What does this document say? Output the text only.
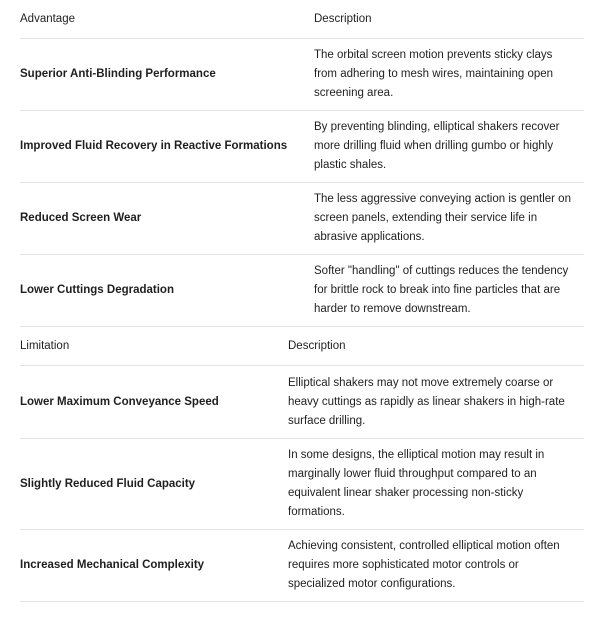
Advantage	Description
Superior Anti-Blinding Performance	The orbital screen motion prevents sticky clays from adhering to mesh wires, maintaining open screening area.
Improved Fluid Recovery in Reactive Formations	By preventing blinding, elliptical shakers recover more drilling fluid when drilling gumbo or highly plastic shales.
Reduced Screen Wear	The less aggressive conveying action is gentler on screen panels, extending their service life in abrasive applications.
Lower Cuttings Degradation	Softer "handling" of cuttings reduces the tendency for brittle rock to break into fine particles that are harder to remove downstream.
Limitation	Description
Lower Maximum Conveyance Speed	Elliptical shakers may not move extremely coarse or heavy cuttings as rapidly as linear shakers in high-rate surface drilling.
Slightly Reduced Fluid Capacity	In some designs, the elliptical motion may result in marginally lower fluid throughput compared to an equivalent linear shaker processing non-sticky formations.
Increased Mechanical Complexity	Achieving consistent, controlled elliptical motion often requires more sophisticated motor controls or specialized motor configurations.
